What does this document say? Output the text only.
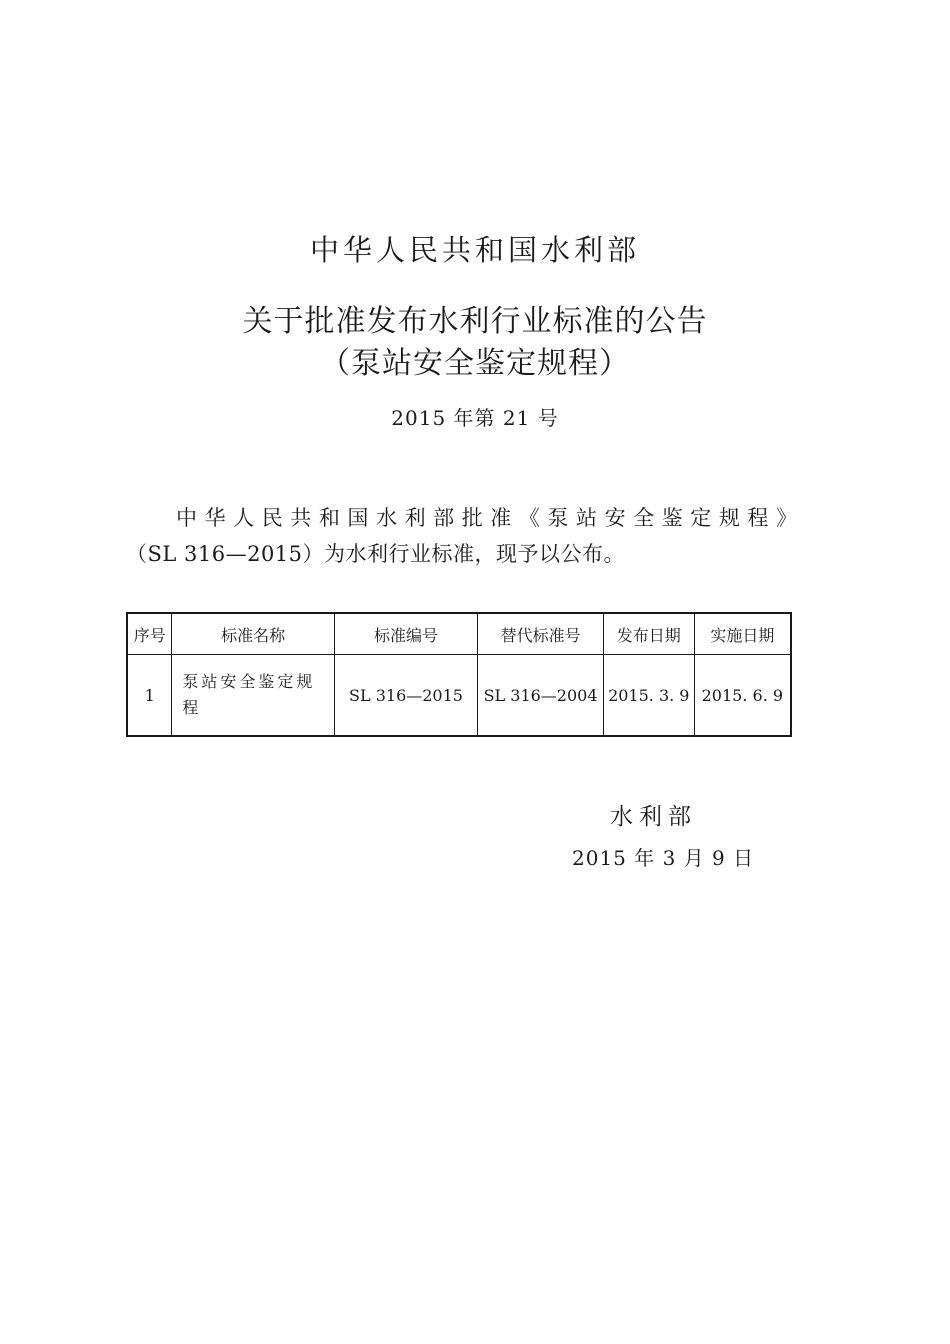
中华人民共和国水利部
关于批准发布水利行业标准的公告
（泵站安全鉴定规程）
2015 年第 21 号

中华人民共和国水利部批准《泵站安全鉴定规程》

（SL 316—2015）为水利行业标准，现予以公布。

序号	标准名称	标准编号	替代标准号	发布日期	实施日期
1	泵站安全鉴定规程	SL 316—2015	SL 316—2004	2015. 3. 9	2015. 6. 9
水利部
2015 年 3 月 9 日
